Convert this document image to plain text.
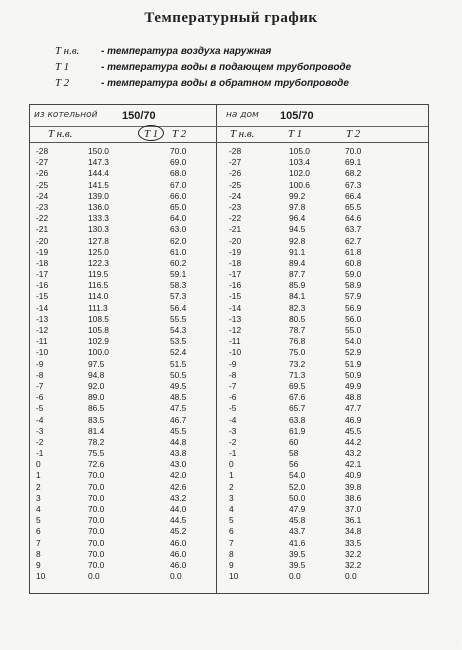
Температурный график
T н.в.	- температура воздуха наружная
T 1	- температура воды в подающем трубопроводе
T 2	- температура воды в обратном трубопроводе
из котельной 150/70	на дом 105/70
T н.в.	T 1 T 2	T н.в.	T 1	T 2
-28	150.0	70.0
-27	147.3	69.0
-26	144.4	68.0
-25	141.5	67.0
-24	139.0	66.0
-23	136.0	65.0
-22	133.3	64.0
-21	130.3	63.0
-20	127.8	62.0
-19	125.0	61.0
-18	122.3	60.2
-17	119.5	59.1
-16	116.5	58.3
-15	114.0	57.3
-14	111.3	56.4
-13	108.5	55.5
-12	105.8	54.3
-11	102.9	53.5
-10	100.0	52.4
-9	97.5	51.5
-8	94.8	50.5
-7	92.0	49.5
-6	89.0	48.5
-5	86.5	47.5
-4	83.5	46.7
-3	81.4	45.5
-2	78.2	44.8
-1	75.5	43.8
0	72.6	43.0
1	70.0	42.0
2	70.0	42.6
3	70.0	43.2
4	70.0	44.0
5	70.0	44.5
6	70.0	45.2
7	70.0	46.0
8	70.0	46.0
9	70.0	46.0
10	0.0	0.0
-28	105.0	70.0
-27	103.4	69.1
-26	102.0	68.2
-25	100.6	67.3
-24	99.2	66.4
-23	97.8	65.5
-22	96.4	64.6
-21	94.5	63.7
-20	92.8	62.7
-19	91.1	61.8
-18	89.4	60.8
-17	87.7	59.0
-16	85.9	58.9
-15	84.1	57.9
-14	82.3	56.9
-13	80.5	56.0
-12	78.7	55.0
-11	76.8	54.0
-10	75.0	52.9
-9	73.2	51.9
-8	71.3	50.9
-7	69.5	49.9
-6	67.6	48.8
-5	65.7	47.7
-4	63.8	46.9
-3	61.9	45.5
-2	60	44.2
-1	58	43.2
0	56	42.1
1	54.0	40.9
2	52.0	39.8
3	50.0	38.6
4	47.9	37.0
5	45.8	36.1
6	43.7	34.8
7	41.6	33.5
8	39.5	32.2
9	39.5	32.2
10	0.0	0.0
·
